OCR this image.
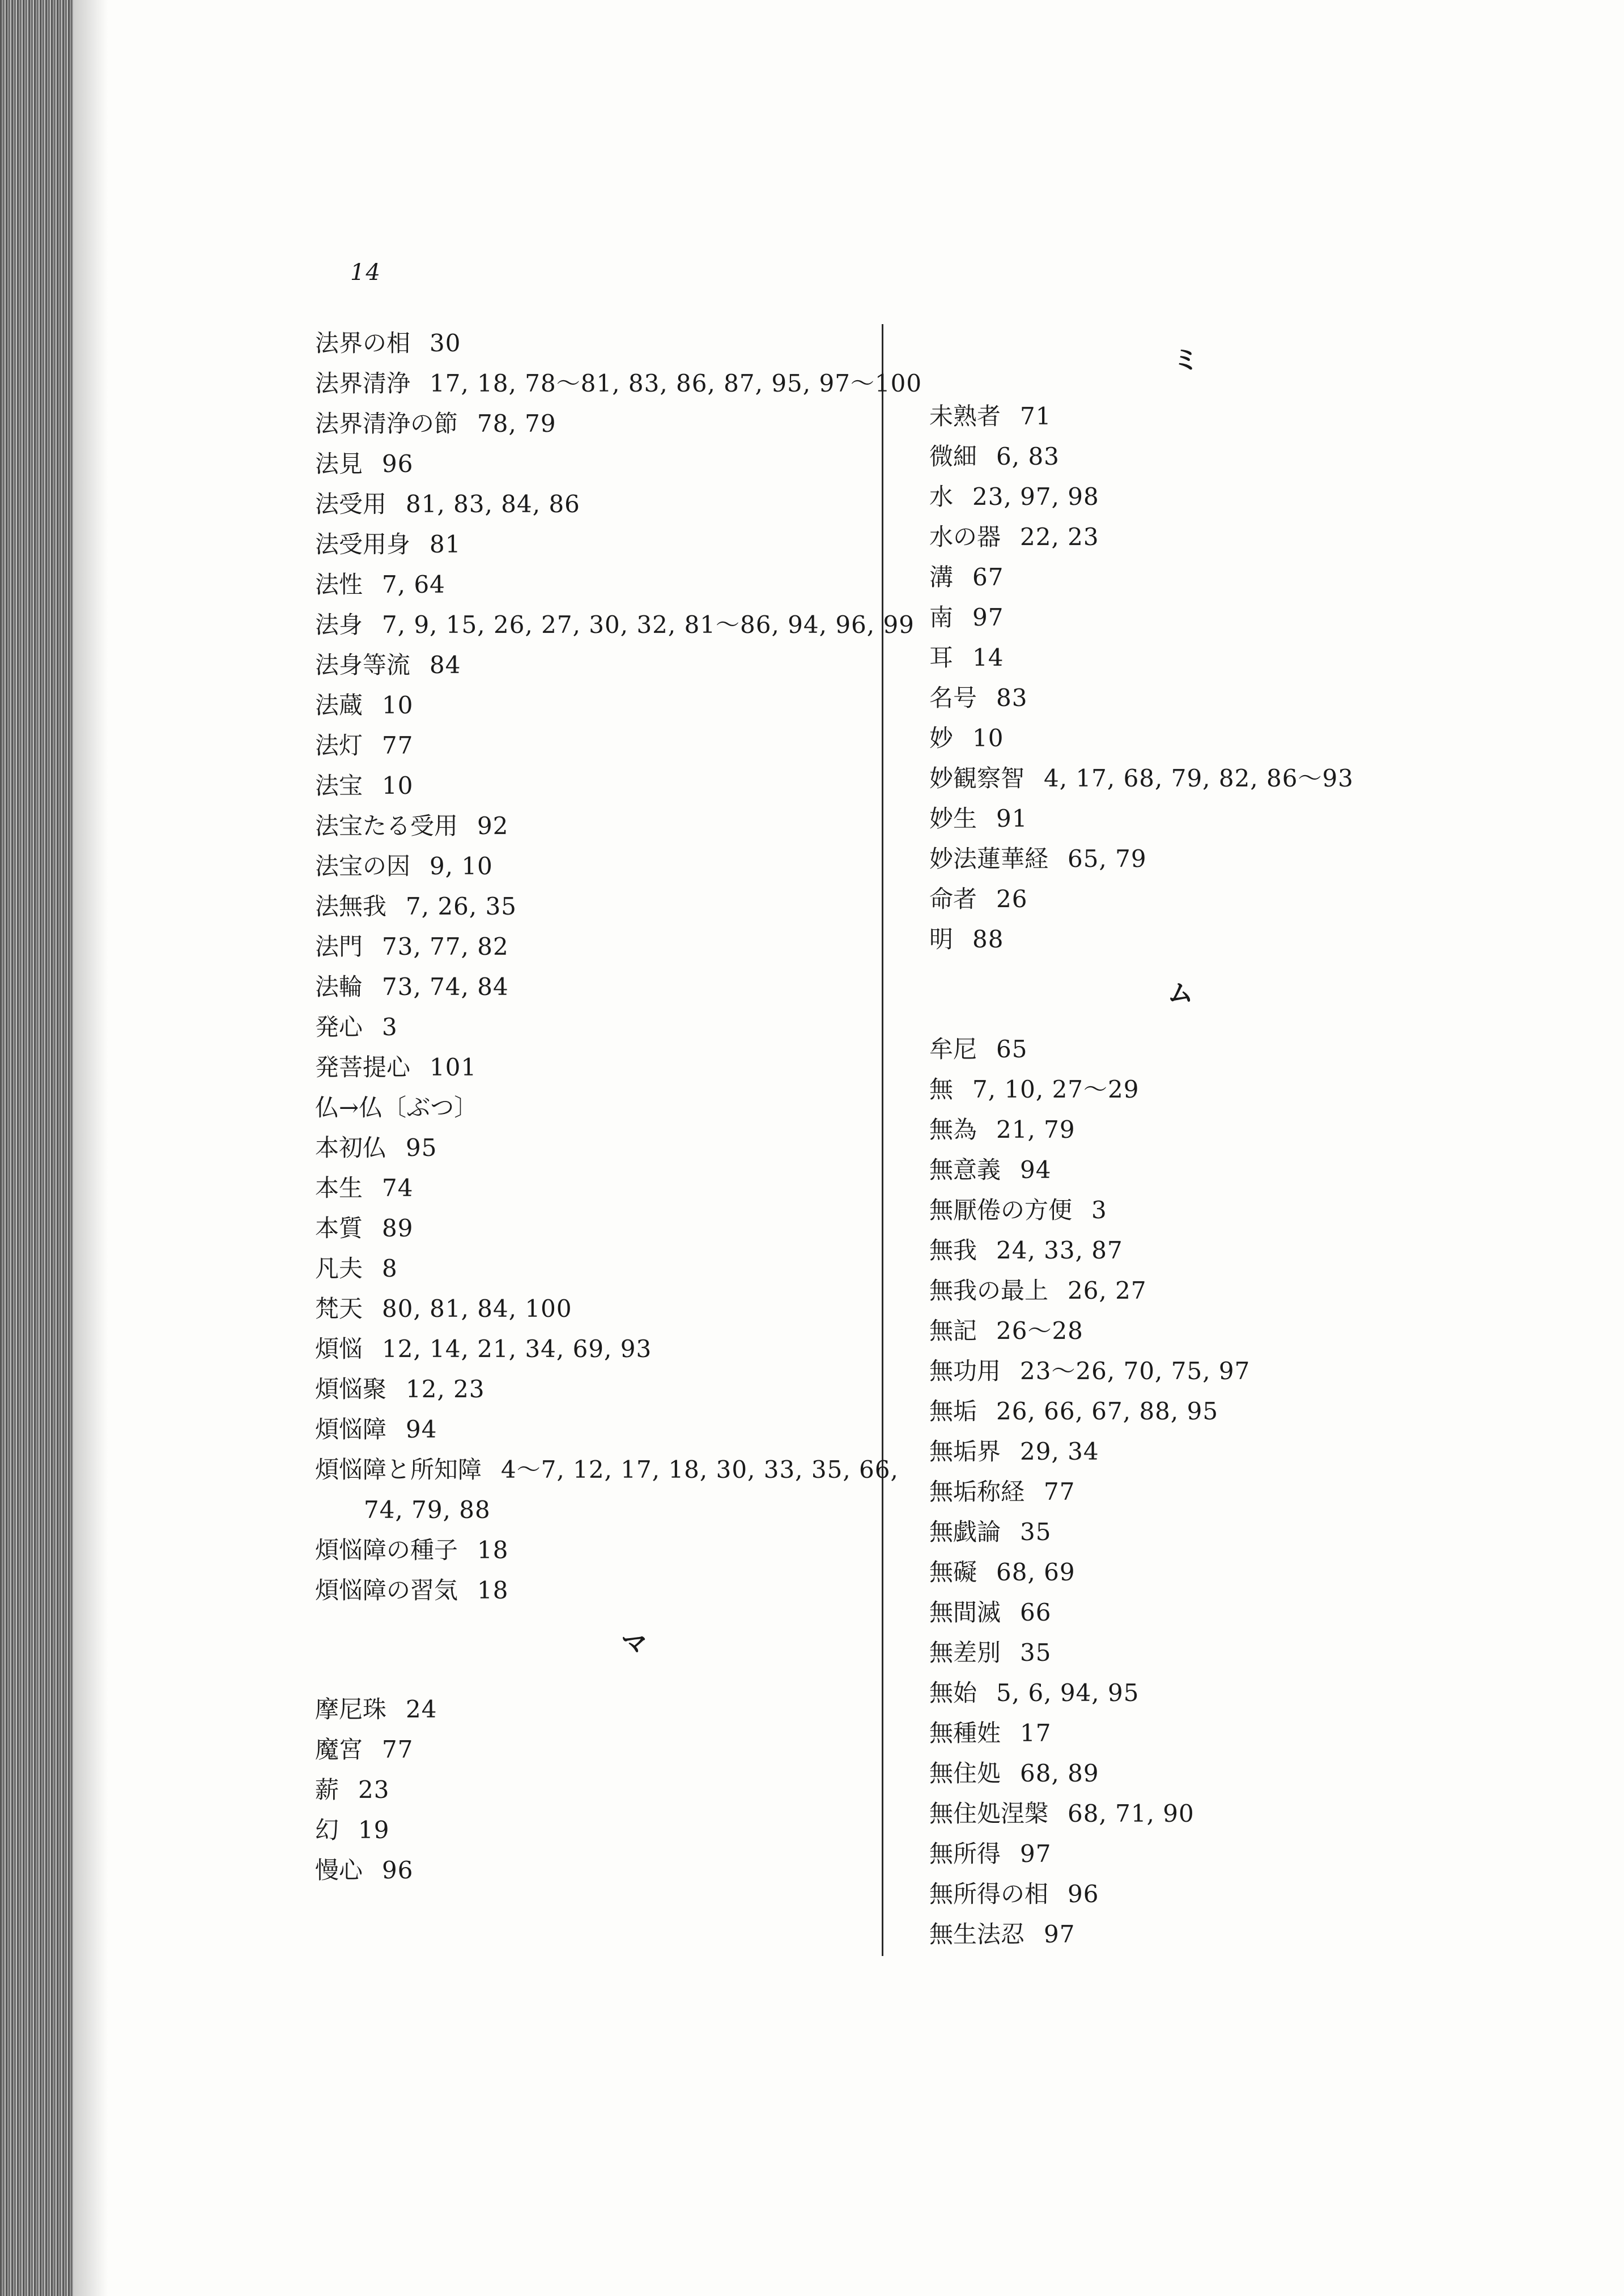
14
法界の相 30
法界清浄 17, 18, 78〜81, 83, 86, 87, 95, 97〜100
法界清浄の節 78, 79
法見 96
法受用 81, 83, 84, 86
法受用身 81
法性 7, 64
法身 7, 9, 15, 26, 27, 30, 32, 81〜86, 94, 96, 99
法身等流 84
法蔵 10
法灯 77
法宝 10
法宝たる受用 92
法宝の因 9, 10
法無我 7, 26, 35
法門 73, 77, 82
法輪 73, 74, 84
発心 3
発菩提心 101
仏→仏〔ぶつ〕
本初仏 95
本生 74
本質 89
凡夫 8
梵天 80, 81, 84, 100
煩悩 12, 14, 21, 34, 69, 93
煩悩聚 12, 23
煩悩障 94
煩悩障と所知障 4〜7, 12, 17, 18, 30, 33, 35, 66,
74, 79, 88
煩悩障の種子 18
煩悩障の習気 18
マ
摩尼珠 24
魔宮 77
薪 23
幻 19
慢心 96
ミ
未熟者 71
微細 6, 83
水 23, 97, 98
水の器 22, 23
溝 67
南 97
耳 14
名号 83
妙 10
妙観察智 4, 17, 68, 79, 82, 86〜93
妙生 91
妙法蓮華経 65, 79
命者 26
明 88
ム
牟尼 65
無 7, 10, 27〜29
無為 21, 79
無意義 94
無厭倦の方便 3
無我 24, 33, 87
無我の最上 26, 27
無記 26〜28
無功用 23〜26, 70, 75, 97
無垢 26, 66, 67, 88, 95
無垢界 29, 34
無垢称経 77
無戯論 35
無礙 68, 69
無間滅 66
無差別 35
無始 5, 6, 94, 95
無種姓 17
無住処 68, 89
無住処涅槃 68, 71, 90
無所得 97
無所得の相 96
無生法忍 97
